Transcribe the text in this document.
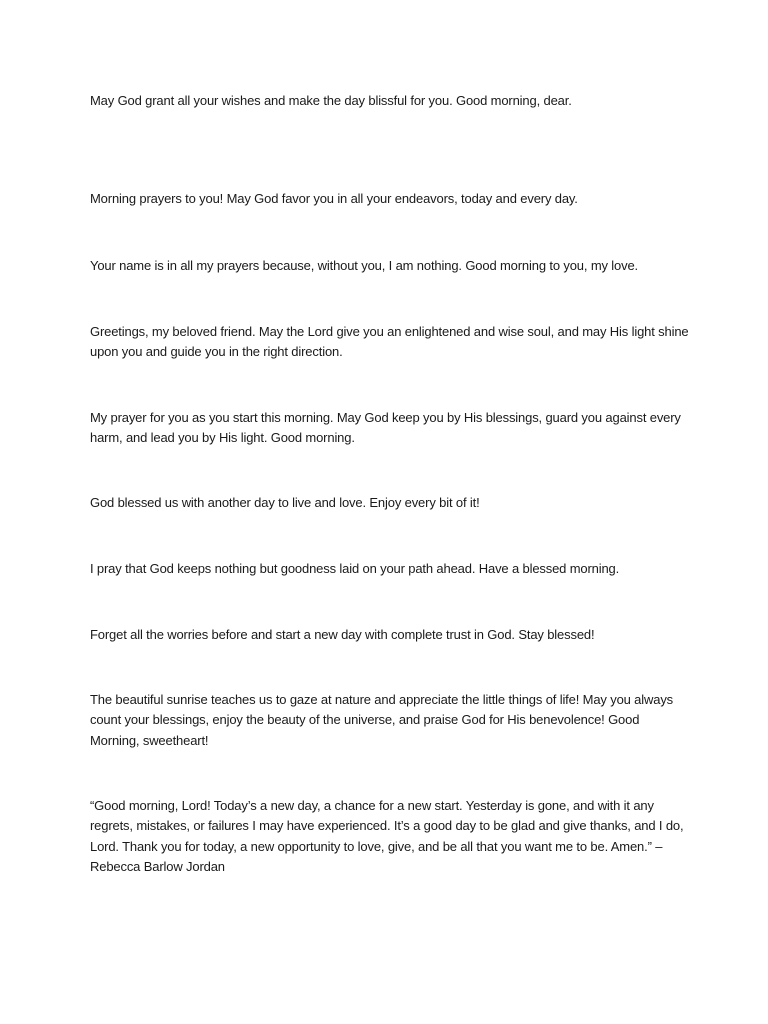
May God grant all your wishes and make the day blissful for you. Good morning, dear.

Morning prayers to you! May God favor you in all your endeavors, today and every day.

Your name is in all my prayers because, without you, I am nothing. Good morning to you, my love.

Greetings, my beloved friend. May the Lord give you an enlightened and wise soul, and may His light shine upon you and guide you in the right direction.

My prayer for you as you start this morning. May God keep you by His blessings, guard you against every harm, and lead you by His light. Good morning.

God blessed us with another day to live and love. Enjoy every bit of it!

I pray that God keeps nothing but goodness laid on your path ahead. Have a blessed morning.

Forget all the worries before and start a new day with complete trust in God. Stay blessed!

The beautiful sunrise teaches us to gaze at nature and appreciate the little things of life! May you always count your blessings, enjoy the beauty of the universe, and praise God for His benevolence! Good Morning, sweetheart!

“Good morning, Lord! Today’s a new day, a chance for a new start. Yesterday is gone, and with it any regrets, mistakes, or failures I may have experienced. It’s a good day to be glad and give thanks, and I do, Lord. Thank you for today, a new opportunity to love, give, and be all that you want me to be. Amen.” – Rebecca Barlow Jordan
